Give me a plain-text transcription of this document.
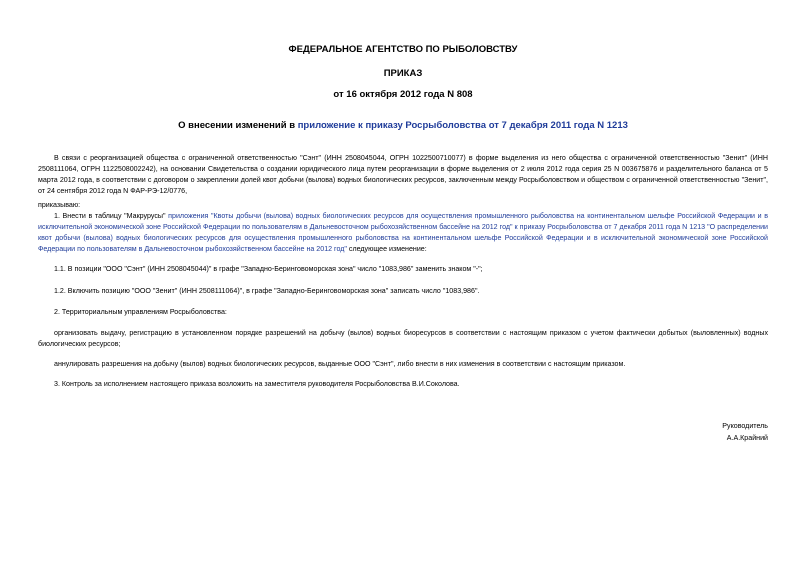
ФЕДЕРАЛЬНОЕ АГЕНТСТВО ПО РЫБОЛОВСТВУ
ПРИКАЗ
от 16 октября 2012 года N 808
О внесении изменений в приложение к приказу Росрыболовства от 7 декабря 2011 года N 1213
В связи с реорганизацией общества с ограниченной ответственностью "Сэнт" (ИНН 2508045044, ОГРН 1022500710077) в форме выделения из него общества с ограниченной ответственностью "Зенит" (ИНН 2508111064, ОГРН 1122508002242), на основании Свидетельства о создании юридического лица путем реорганизации в форме выделения от 2 июля 2012 года серия 25 N 003675876 и разделительного баланса от 5 марта 2012 года, в соответствии с договором о закреплении долей квот добычи (вылова) водных биологических ресурсов, заключенным между Росрыболовством и обществом с ограниченной ответственностью "Зенит", от 24 сентября 2012 года N ФАР-РЭ-12/0776,
приказываю:
1. Внести в таблицу "Макрурусы" приложения "Квоты добычи (вылова) водных биологических ресурсов для осуществления промышленного рыболовства на континентальном шельфе Российской Федерации и в исключительной экономической зоне Российской Федерации по пользователям в Дальневосточном рыбохозяйственном бассейне на 2012 год" к приказу Росрыболовства от 7 декабря 2011 года N 1213 "О распределении квот добычи (вылова) водных биологических ресурсов для осуществления промышленного рыболовства на континентальном шельфе Российской Федерации и в исключительной экономической зоне Российской Федерации по пользователям в Дальневосточном рыбохозяйственном бассейне на 2012 год" следующее изменение:
1.1. В позиции "ООО "Сэнт" (ИНН 2508045044)" в графе "Западно-Беринговоморская зона" число "1083,986" заменить знаком "-";
1.2. Включить позицию "ООО "Зенит" (ИНН 2508111064)", в графе "Западно-Беринговоморская зона" записать число "1083,986".
2. Территориальным управлениям Росрыболовства:
организовать выдачу, регистрацию в установленном порядке разрешений на добычу (вылов) водных биоресурсов в соответствии с настоящим приказом с учетом фактически добытых (выловленных) водных биологических ресурсов;
аннулировать разрешения на добычу (вылов) водных биологических ресурсов, выданные ООО "Сэнт", либо внести в них изменения в соответствии с настоящим приказом.
3. Контроль за исполнением настоящего приказа возложить на заместителя руководителя Росрыболовства В.И.Соколова.
Руководитель
А.А.Крайний
